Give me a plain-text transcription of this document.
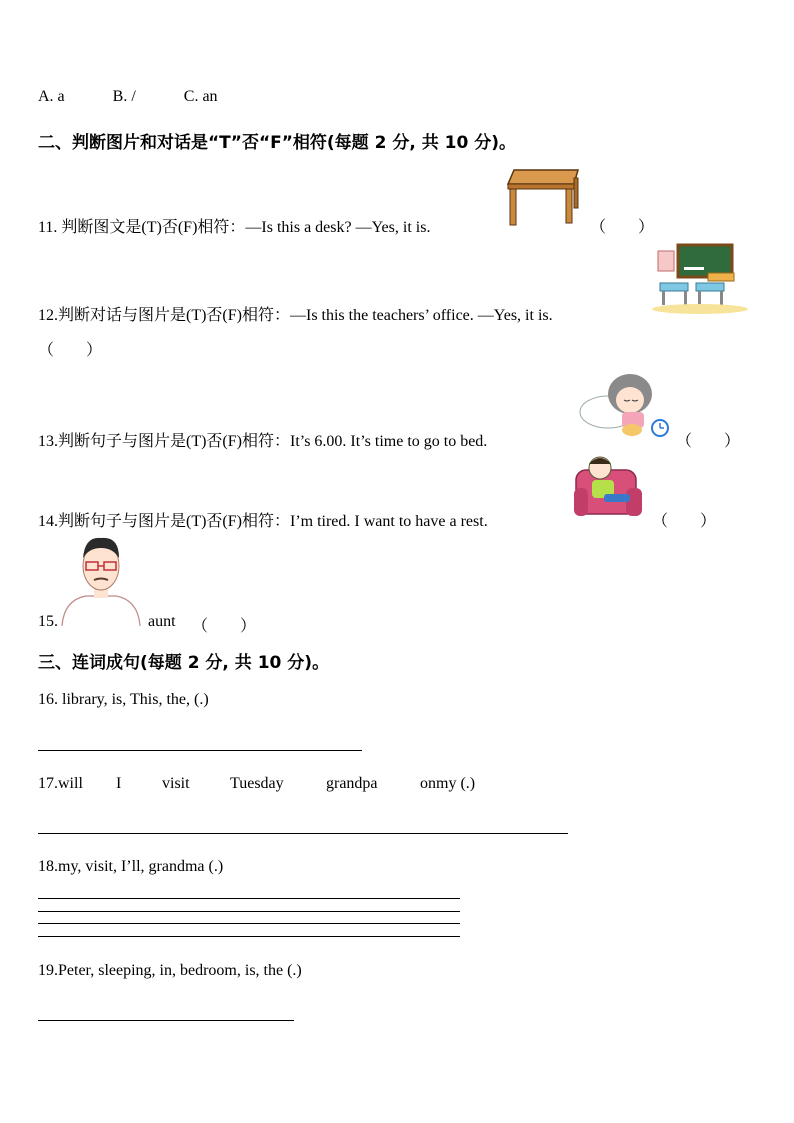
A. a	B. /	C. an
二、判断图片和对话是“T”否“F”相符(每题 2 分, 共 10 分)。
11. 判断图文是(T)否(F)相符：—Is this a desk? —Yes, it is.	（　　）
12.判断对话与图片是(T)否(F)相符：—Is this the teachers’ office. —Yes, it is.
（　　）
13.判断句子与图片是(T)否(F)相符：It’s 6.00. It’s time to go to bed.	（　　）
14.判断句子与图片是(T)否(F)相符：I’m tired. I want to have a rest.	（　　）
15.	aunt （　　）
三、连词成句(每题 2 分, 共 10 分)。
16. library, is, This, the, (.)
17.will I	visit	Tuesday	grandpa	onmy (.)
18.my, visit, I’ll, grandma (.)
19.Peter, sleeping, in, bedroom, is, the (.)
